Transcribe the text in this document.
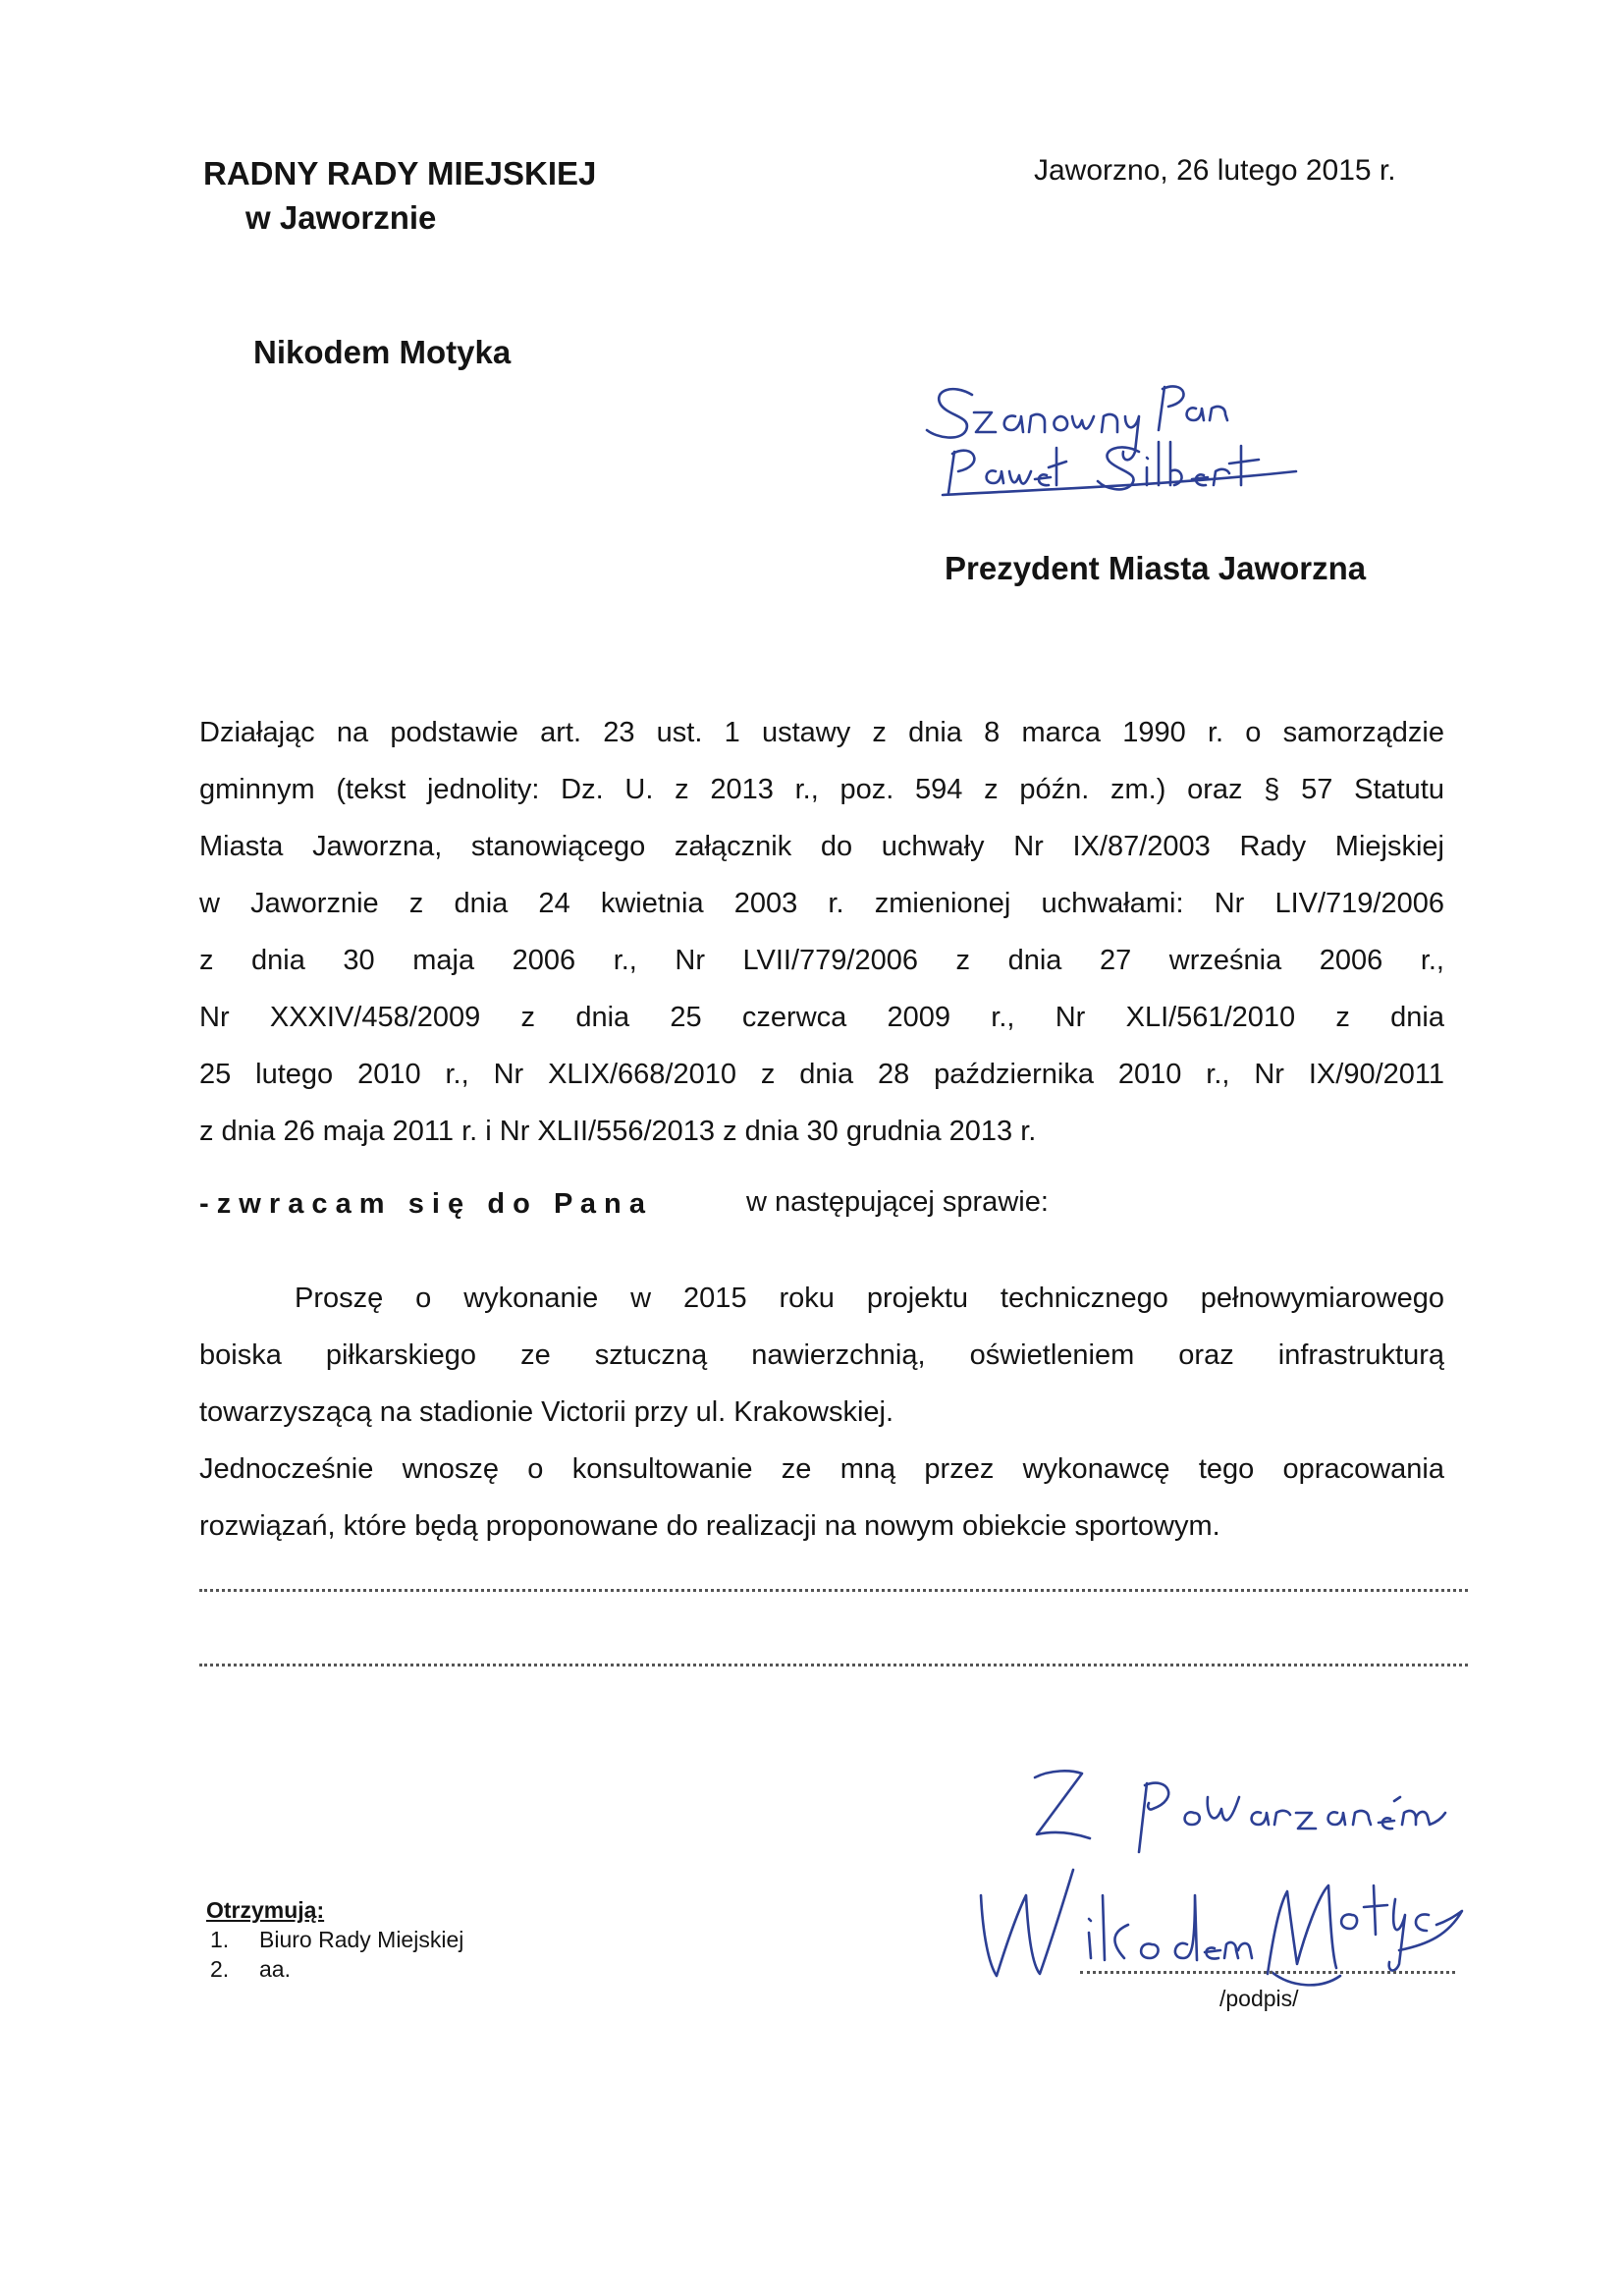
RADNY RADY MIEJSKIEJ
w Jaworznie
Jaworzno, 26 lutego 2015 r.
Nikodem Motyka
Prezydent Miasta Jaworzna
Działając na podstawie art. 23 ust. 1 ustawy z dnia 8 marca 1990 r. o samorządzie
gminnym (tekst jednolity: Dz. U. z 2013 r., poz. 594 z późn. zm.) oraz § 57 Statutu
Miasta Jaworzna, stanowiącego załącznik do uchwały Nr IX/87/2003 Rady Miejskiej
w Jaworznie z dnia 24 kwietnia 2003 r. zmienionej uchwałami: Nr LIV/719/2006
z dnia 30 maja 2006 r., Nr LVII/779/2006 z dnia 27 września 2006 r.,
Nr XXXIV/458/2009 z dnia 25 czerwca 2009 r., Nr XLI/561/2010 z dnia
25 lutego 2010 r., Nr XLIX/668/2010 z dnia 28 października 2010 r., Nr IX/90/2011
z dnia 26 maja 2011 r. i Nr XLII/556/2013 z dnia 30 grudnia 2013 r.
- z w r a c a m   s i ę   d o   P a n a	w następującej sprawie:
Proszę o wykonanie w 2015 roku projektu technicznego pełnowymiarowego
boiska piłkarskiego ze sztuczną nawierzchnią, oświetleniem oraz infrastrukturą
towarzyszącą na stadionie Victorii przy ul. Krakowskiej.
Jednocześnie wnoszę o konsultowanie ze mną przez wykonawcę tego opracowania
rozwiązań, które będą proponowane do realizacji na nowym obiekcie sportowym.
/podpis/
Otrzymują:
1. Biuro Rady Miejskiej
2. aa.
